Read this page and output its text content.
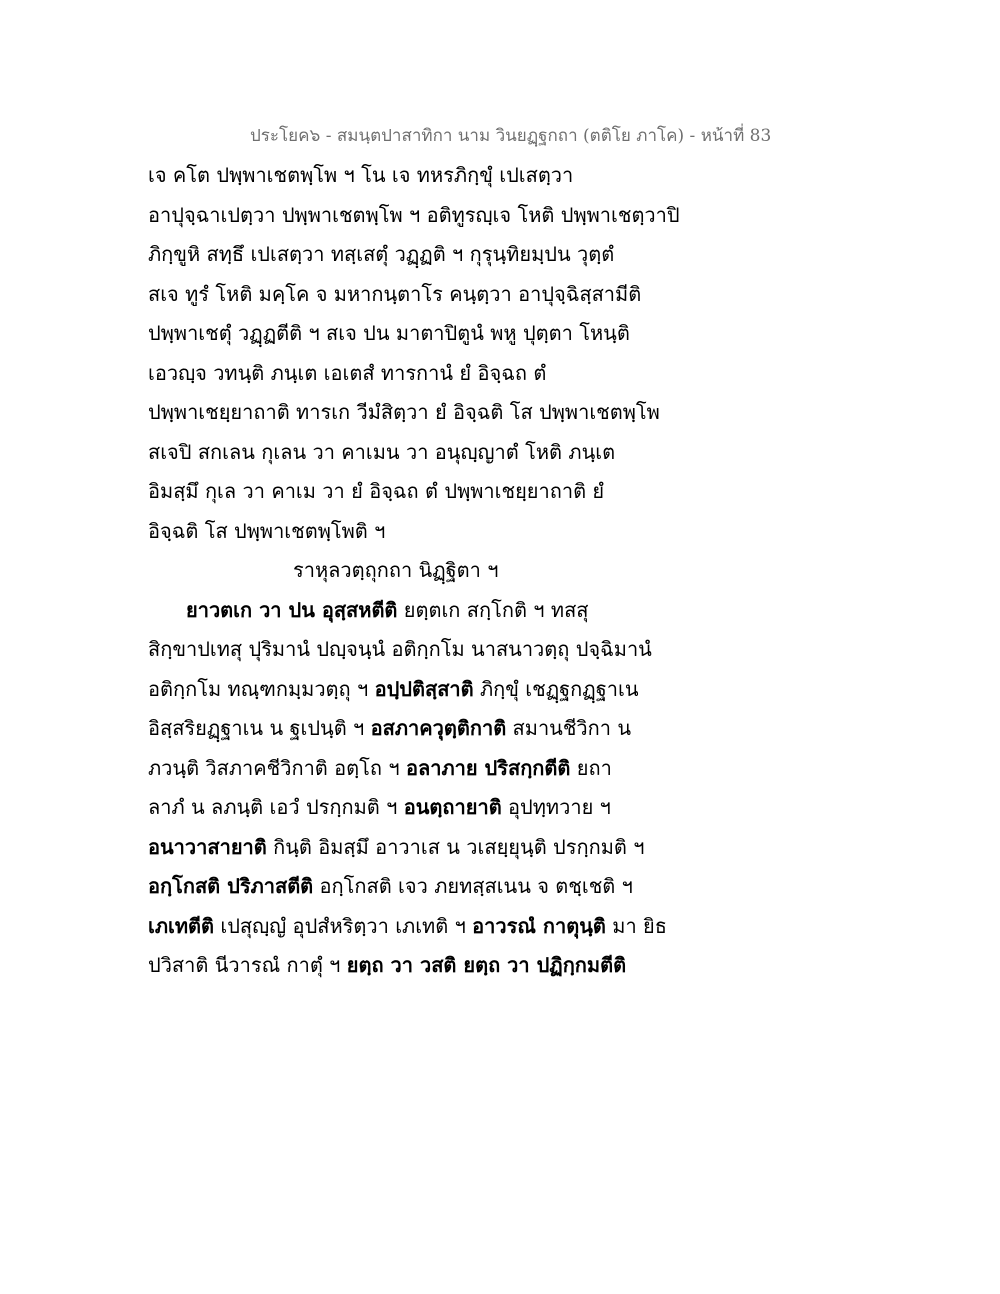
ประโยค๖ - สมนฺตปาสาทิกา นาม วินยฏฺฐกถา (ตติโย ภาโค) - หน้าที่ 83
เจ คโต ปพฺพาเชตพฺโพ ฯ โน เจ ทหรภิกฺขุํ เปเสตฺวา
อาปุจฺฉาเปตฺวา ปพฺพาเชตพฺโพ ฯ อติทูรญฺเจ โหติ ปพฺพาเชตฺวาปิ
ภิกฺขูหิ สทฺธึ เปเสตฺวา ทสฺเสตุํ วฏฺฏติ ฯ กุรุนฺทิยมฺปน วุตฺตํ
สเจ ทูรํ โหติ มคฺโค จ มหากนฺตาโร คนฺตฺวา อาปุจฺฉิสฺสามีติ
ปพฺพาเชตุํ วฏฺฏตีติ ฯ สเจ ปน มาตาปิตูนํ พหู ปุตฺตา โหนฺติ
เอวญฺจ วทนฺติ ภนฺเต เอเตสํ ทารกานํ ยํ อิจฺฉถ ตํ
ปพฺพาเชยฺยาถาติ ทารเก วีมํสิตฺวา ยํ อิจฺฉติ โส ปพฺพาเชตพฺโพ
สเจปิ สกเลน กุเลน วา คาเมน วา อนุญฺญาตํ โหติ ภนฺเต
อิมสฺมึ กุเล วา คาเม วา ยํ อิจฺฉถ ตํ ปพฺพาเชยฺยาถาติ ยํ
อิจฺฉติ โส ปพฺพาเชตพฺโพติ ฯ
ราหุลวตฺถุกถา นิฏฺฐิตา ฯ
ยาวตเก วา ปน อุสฺสหตีติ ยตฺตเก สกฺโกติ ฯ ทสสุ
สิกฺขาปเทสุ ปุริมานํ ปญฺจนฺนํ อติกฺกโม นาสนาวตฺถุ ปจฺฉิมานํ
อติกฺกโม ทณฺฑกมฺมวตฺถุ ฯ อปฺปติสฺสาติ ภิกฺขุํ เชฏฺฐกฏฺฐาเน
อิสฺสริยฏฺฐาเน น ฐเปนฺติ ฯ อสภาควุตฺติกาติ สมานชีวิกา น
ภวนฺติ วิสภาคชีวิกาติ อตฺโถ ฯ อลาภาย ปริสกฺกตีติ ยถา
ลาภํ น ลภนฺติ เอวํ ปรกฺกมติ ฯ อนตฺถายาติ อุปทฺทวาย ฯ
อนาวาสายาติ กินฺติ อิมสฺมึ อาวาเส น วเสยฺยุนฺติ ปรกฺกมติ ฯ
อกฺโกสติ ปริภาสตีติ อกฺโกสติ เจว ภยทสฺสเนน จ ตชฺเชติ ฯ
เภเทตีติ เปสุญฺญํ อุปสํหริตฺวา เภเทติ ฯ อาวรณํ กาตุนฺติ มา ยิธ
ปวิสาติ นีวารณํ กาตุํ ฯ ยตฺถ วา วสติ ยตฺถ วา ปฏิกฺกมตีติ
